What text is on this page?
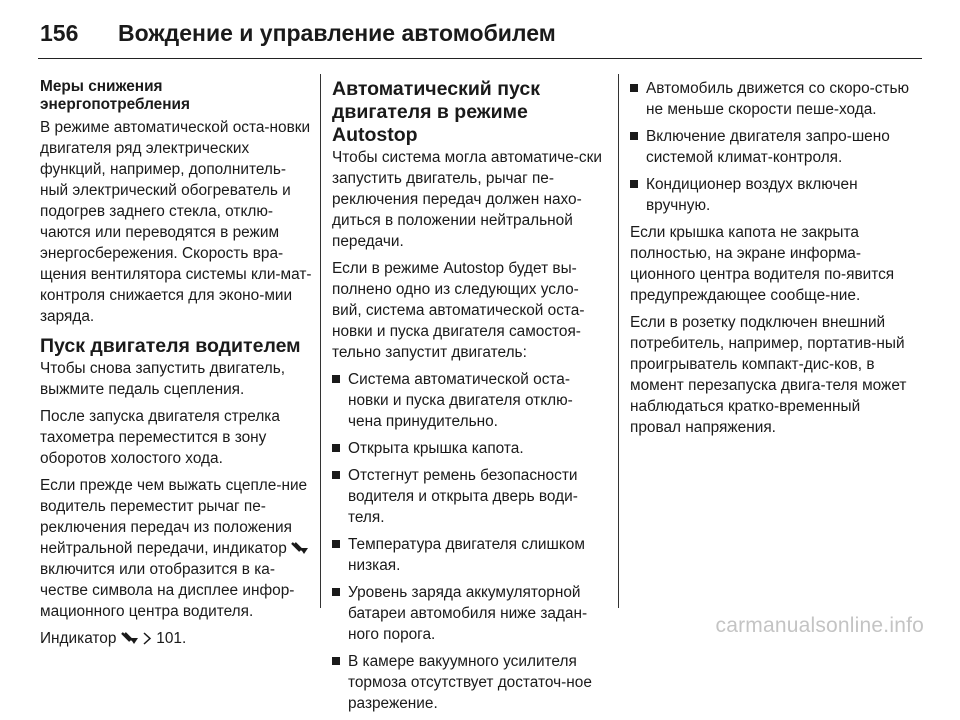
156 Вождение и управление автомобилем
Меры снижения
энергопотребления

В режиме автоматической оста-новки двигателя ряд электрических функций, например, дополнитель-ный электрический обогреватель и подогрев заднего стекла, отклю-чаются или переводятся в режим энергосбережения. Скорость вра-щения вентилятора системы кли-мат-контроля снижается для эконо-мии заряда.

Пуск двигателя водителем

Чтобы снова запустить двигатель, выжмите педаль сцепления.

После запуска двигателя стрелка тахометра переместится в зону оборотов холостого хода.

Если прежде чем выжать сцепле-ние водитель переместит рычаг пе-реключения передач из положения нейтральной передачи, индикатор  включится или отобразится в ка-честве символа на дисплее инфор-мационного центра водителя.

Индикатор   101.

Автоматический пуск
двигателя в режиме Autostop

Чтобы система могла автоматиче-ски запустить двигатель, рычаг пе-реключения передач должен нахо-диться в положении нейтральной передачи.

Если в режиме Autostop будет вы-полнено одно из следующих усло-вий, система автоматической оста-новки и пуска двигателя самостоя-тельно запустит двигатель:

Система автоматической оста-новки и пуска двигателя отклю-чена принудительно.
Открыта крышка капота.
Отстегнут ремень безопасности водителя и открыта дверь води-теля.
Температура двигателя слишком низкая.
Уровень заряда аккумуляторной батареи автомобиля ниже задан-ного порога.
В камере вакуумного усилителя тормоза отсутствует достаточ-ное разрежение.
Автомобиль движется со скоро-стью не меньше скорости пеше-хода.
Включение двигателя запро-шено системой климат-контроля.
Кондиционер воздух включен вручную.

Если крышка капота не закрыта полностью, на экране информа-ционного центра водителя по-явится предупреждающее сообще-ние.

Если в розетку подключен внешний потребитель, например, портатив-ный проигрыватель компакт-дис-ков, в момент перезапуска двига-теля может наблюдаться кратко-временный провал напряжения.

carmanualsonline.info
